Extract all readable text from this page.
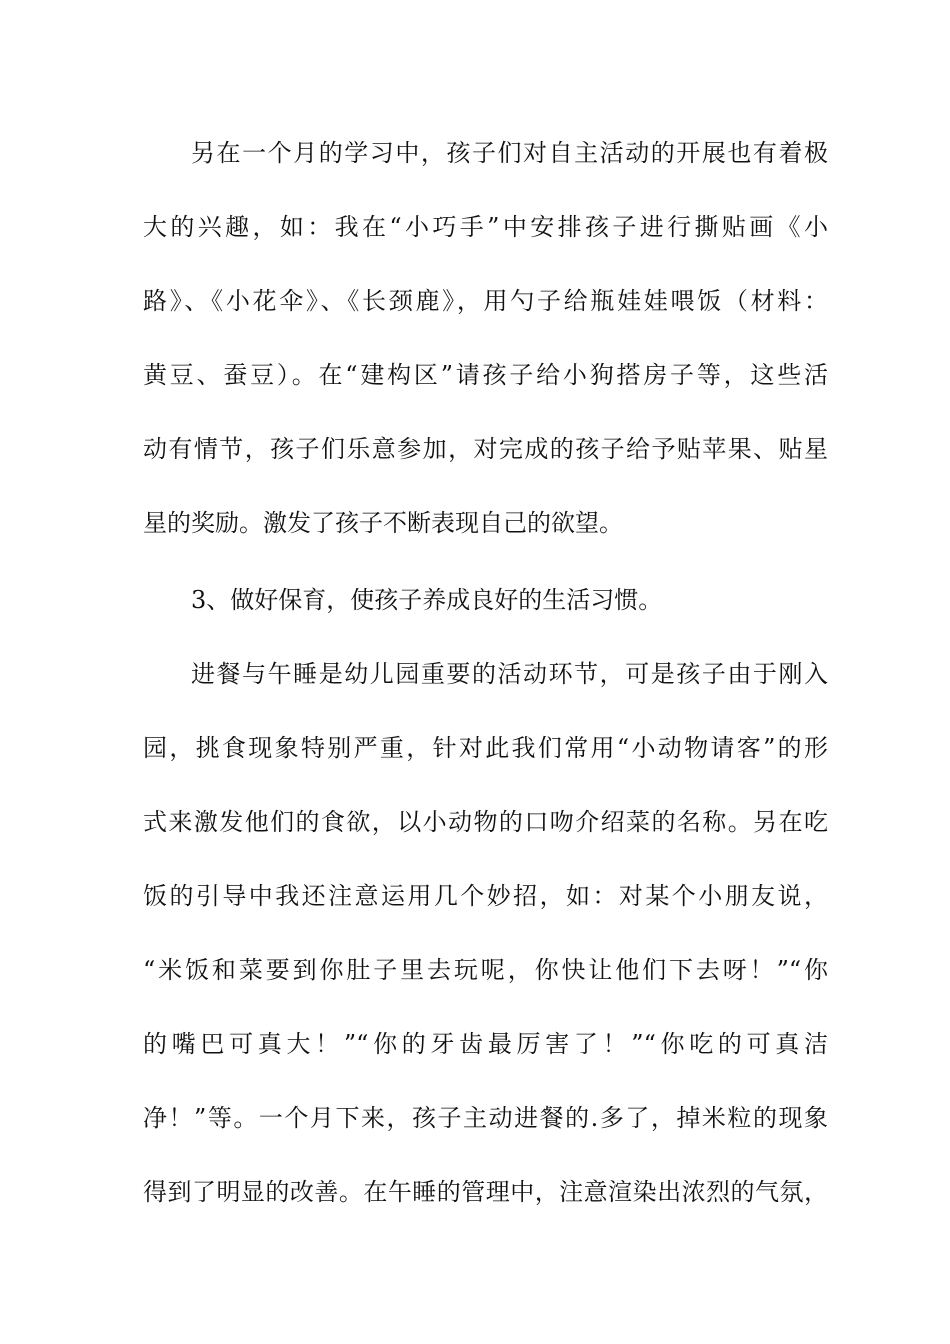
另在一个月的学习中，孩子们对自主活动的开展也有着极
大的兴趣，如：我在“小巧手”中安排孩子进行撕贴画《小
路》、《小花伞》、《长颈鹿》，用勺子给瓶娃娃喂饭（材料：
黄豆、蚕豆）。在“建构区”请孩子给小狗搭房子等，这些活
动有情节，孩子们乐意参加，对完成的孩子给予贴苹果、贴星
星的奖励。激发了孩子不断表现自己的欲望。
3、做好保育，使孩子养成良好的生活习惯。
进餐与午睡是幼儿园重要的活动环节，可是孩子由于刚入
园，挑食现象特别严重，针对此我们常用“小动物请客”的形
式来激发他们的食欲，以小动物的口吻介绍菜的名称。另在吃
饭的引导中我还注意运用几个妙招，如：对某个小朋友说，
“米饭和菜要到你肚子里去玩呢，你快让他们下去呀！”“你
的嘴巴可真大！”“你的牙齿最厉害了！”“你吃的可真洁
净！”等。一个月下来，孩子主动进餐的.多了，掉米粒的现象
得到了明显的改善。在午睡的管理中，注意渲染出浓烈的气氛，
